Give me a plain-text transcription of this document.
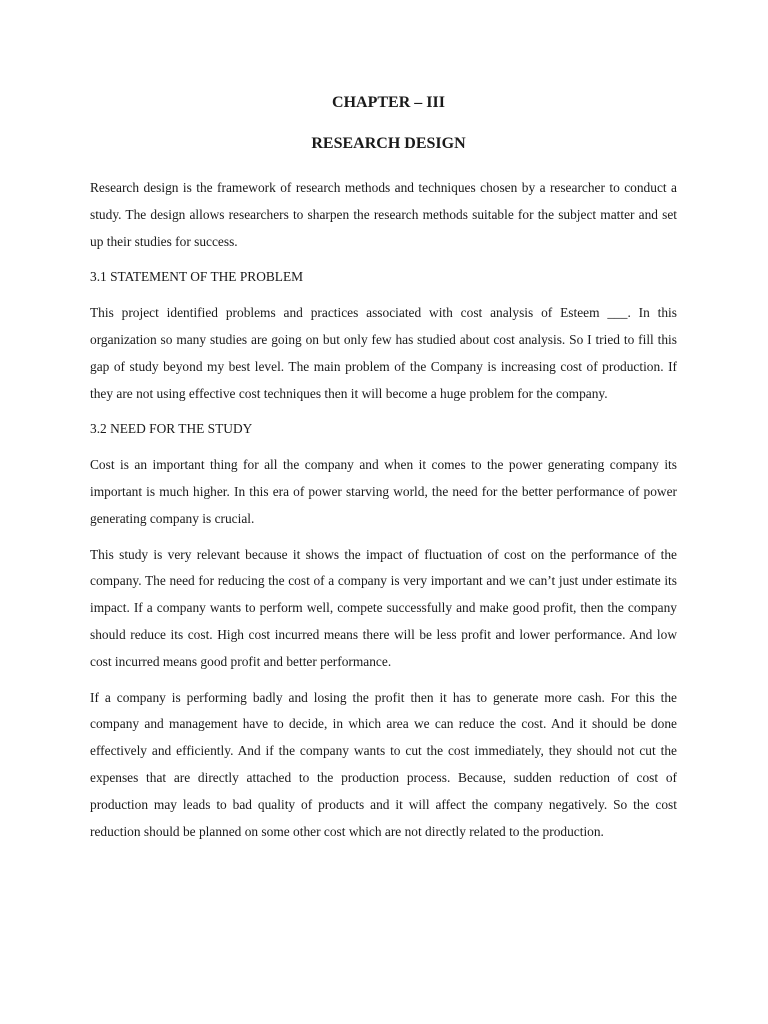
CHAPTER – III
RESEARCH DESIGN

Research design is the framework of research methods and techniques chosen by a researcher to conduct a study. The design allows researchers to sharpen the research methods suitable for the subject matter and set up their studies for success.

3.1 STATEMENT OF THE PROBLEM

This project identified problems and practices associated with cost analysis of Esteem ___. In this organization so many studies are going on but only few has studied about cost analysis. So I tried to fill this gap of study beyond my best level. The main problem of the Company is increasing cost of production. If they are not using effective cost techniques then it will become a huge problem for the company.

3.2 NEED FOR THE STUDY

Cost is an important thing for all the company and when it comes to the power generating company its important is much higher. In this era of power starving world, the need for the better performance of power generating company is crucial.

This study is very relevant because it shows the impact of fluctuation of cost on the performance of the company. The need for reducing the cost of a company is very important and we can’t just under estimate its impact. If a company wants to perform well, compete successfully and make good profit, then the company should reduce its cost. High cost incurred means there will be less profit and lower performance. And low cost incurred means good profit and better performance.

If a company is performing badly and losing the profit then it has to generate more cash. For this the company and management have to decide, in which area we can reduce the cost. And it should be done effectively and efficiently. And if the company wants to cut the cost immediately, they should not cut the expenses that are directly attached to the production process. Because, sudden reduction of cost of production may leads to bad quality of products and it will affect the company negatively. So the cost reduction should be planned on some other cost which are not directly related to the production.
